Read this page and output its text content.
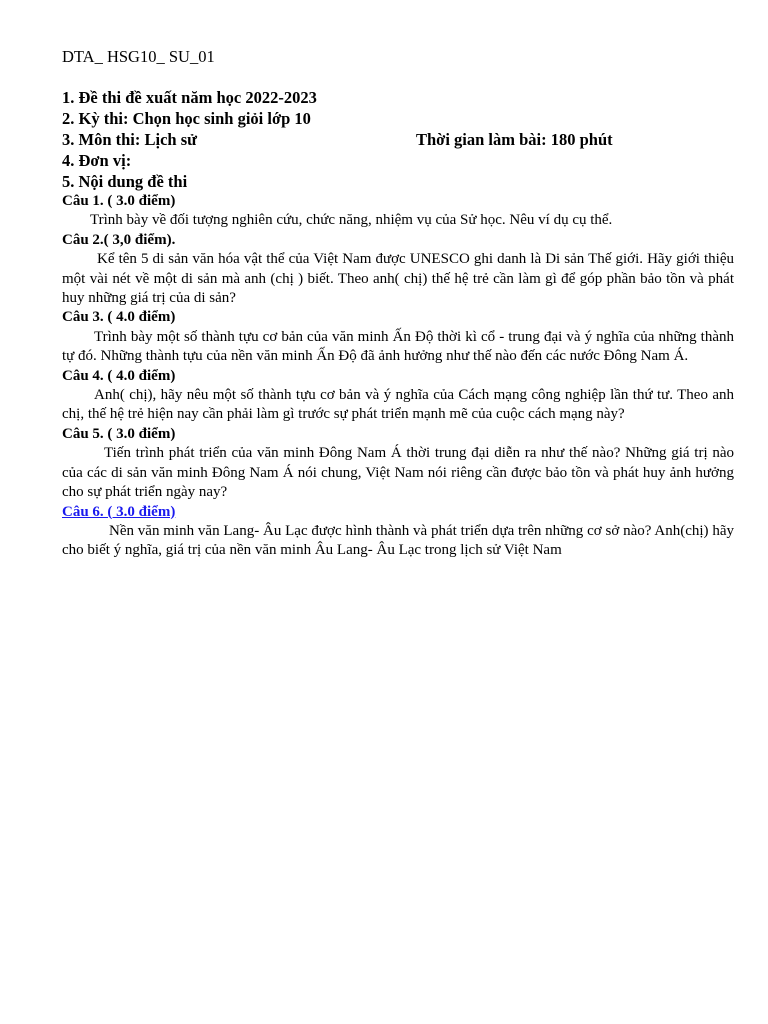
DTA_ HSG10_ SU_01

1. Đề thi đề xuất năm học 2022-2023

2. Kỳ thi: Chọn học sinh giỏi lớp 10

3. Môn thi: Lịch sử	Thời gian làm bài: 180 phút

4. Đơn vị:

5. Nội dung đề thi

Câu 1. ( 3.0 điểm)

Trình bày về đối tượng nghiên cứu, chức năng, nhiệm vụ của Sử học. Nêu ví dụ cụ thể.

Câu 2.( 3,0 điểm).

Kể tên 5 di sản văn hóa vật thể của Việt Nam được UNESCO ghi danh là Di sản Thế giới. Hãy giới thiệu một vài nét về một di sản mà anh (chị ) biết. Theo anh( chị) thế hệ trẻ cần làm gì để góp phần bảo tồn và phát huy những giá trị của di sản?

Câu 3. ( 4.0 điểm)

Trình bày một số thành tựu cơ bản của văn minh Ấn Độ thời kì cổ - trung đại và ý nghĩa của những thành tự đó. Những thành tựu của nền văn minh Ấn Độ đã ảnh hưởng như thế nào đến các nước Đông Nam Á.

Câu 4. ( 4.0 điểm)

Anh( chị), hãy nêu một số thành tựu cơ bản và ý nghĩa của Cách mạng công nghiệp lần thứ tư. Theo anh chị, thế hệ trẻ hiện nay cần phải làm gì trước sự phát triển mạnh mẽ của cuộc cách mạng này?

Câu 5. ( 3.0 điểm)

Tiến trình phát triển của văn minh Đông Nam Á thời trung đại diễn ra như thế nào? Những giá trị nào của các di sản văn minh Đông Nam Á nói chung, Việt Nam nói riêng cần được bảo tồn và phát huy ảnh hưởng cho sự phát triển ngày nay?

Câu 6. ( 3.0 điểm)

Nền văn minh văn Lang- Âu Lạc được hình thành và phát triển dựa trên những cơ sở nào? Anh(chị) hãy cho biết ý nghĩa, giá trị của nền văn minh Âu Lang- Âu Lạc trong lịch sử Việt Nam
